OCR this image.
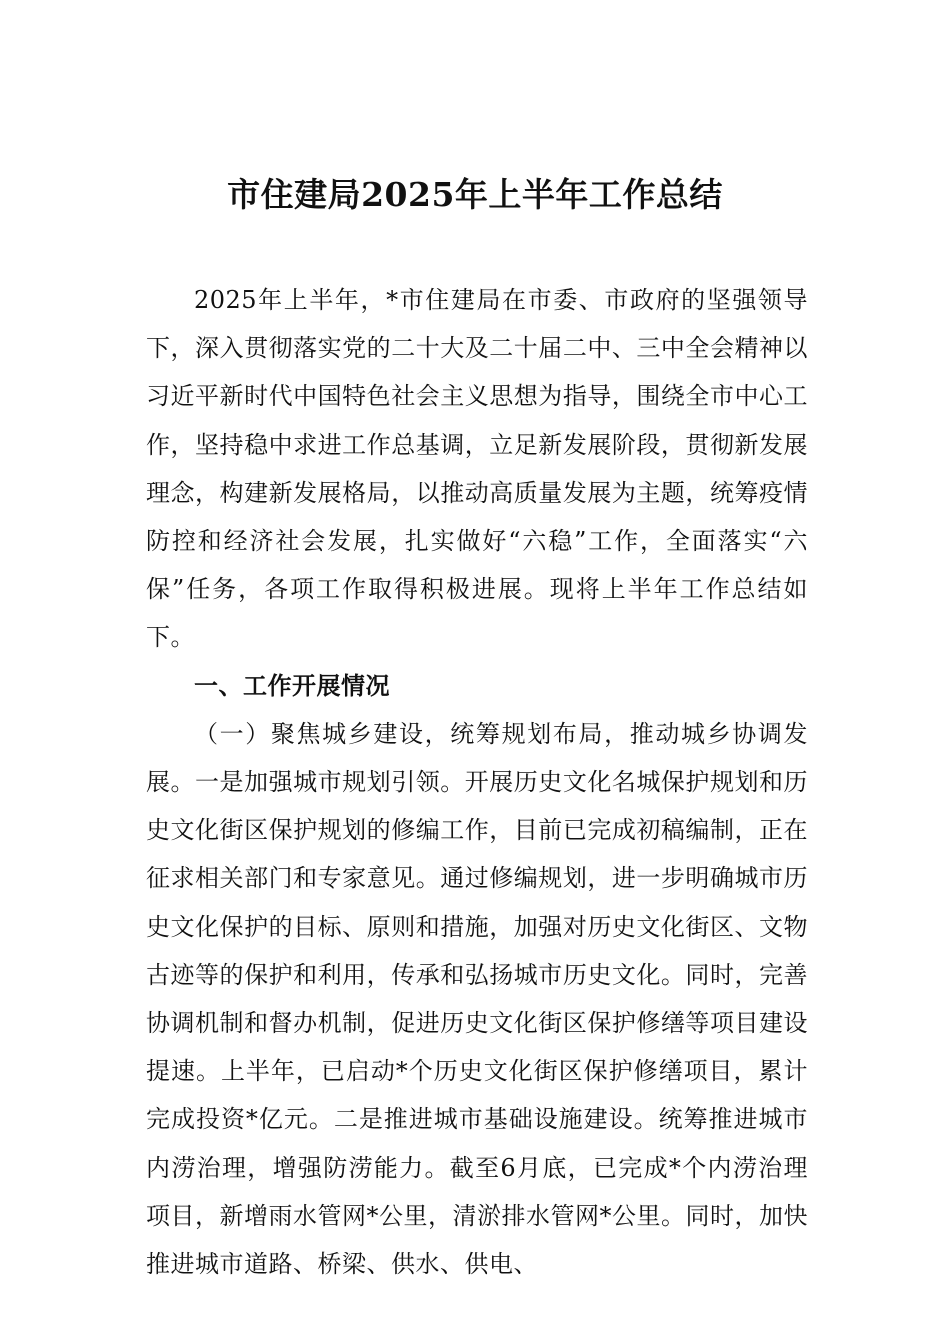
市住建局2025年上半年工作总结

2025年上半年，*市住建局在市委、市政府的坚强领导下，深入贯彻落实党的二十大及二十届二中、三中全会精神以习近平新时代中国特色社会主义思想为指导，围绕全市中心工作，坚持稳中求进工作总基调，立足新发展阶段，贯彻新发展理念，构建新发展格局，以推动高质量发展为主题，统筹疫情防控和经济社会发展，扎实做好“六稳”工作，全面落实“六保”任务，各项工作取得积极进展。现将上半年工作总结如下。

一、工作开展情况

（一）聚焦城乡建设，统筹规划布局，推动城乡协调发展。一是加强城市规划引领。开展历史文化名城保护规划和历史文化街区保护规划的修编工作，目前已完成初稿编制，正在征求相关部门和专家意见。通过修编规划，进一步明确城市历史文化保护的目标、原则和措施，加强对历史文化街区、文物古迹等的保护和利用，传承和弘扬城市历史文化。同时，完善协调机制和督办机制，促进历史文化街区保护修缮等项目建设提速。上半年，已启动*个历史文化街区保护修缮项目，累计完成投资*亿元。二是推进城市基础设施建设。统筹推进城市内涝治理，增强防涝能力。截至6月底，已完成*个内涝治理项目，新增雨水管网*公里，清淤排水管网*公里。同时，加快推进城市道路、桥梁、供水、供电、
